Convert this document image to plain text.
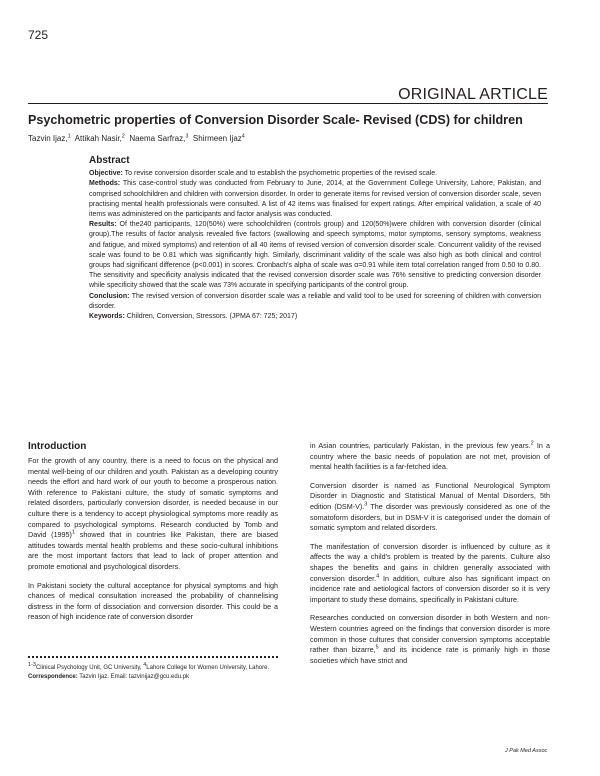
725
ORIGINAL ARTICLE
Psychometric properties of Conversion Disorder Scale- Revised (CDS) for children
Tazvin Ijaz,$^1$ Attikah Nasir,$^2$ Naema Sarfraz,$^3$ Shirmeen Ijaz$^4$
Abstract

Objective: To revise conversion disorder scale and to establish the psychometric properties of the revised scale.

Methods: This case-control study was conducted from February to June, 2014, at the Government College University, Lahore, Pakistan, and comprised schoolchildren and children with conversion disorder. In order to generate items for revised version of conversion disorder scale, seven practising mental health professionals were consulted. A list of 42 items was finalised for expert ratings. After empirical validation, a scale of 40 items was administered on the participants and factor analysis was conducted.

Results: Of the240 participants, 120(50%) were schoolchildren (controls group) and 120(50%)were children with conversion disorder (clinical group).The results of factor analysis revealed five factors (swallowing and speech symptoms, motor symptoms, sensory symptoms, weakness and fatigue, and mixed symptoms) and retention of all 40 items of revised version of conversion disorder scale. Concurrent validity of the revised scale was found to be 0.81 which was significantly high. Similarly, discriminant validity of the scale was also high as both clinical and control groups had significant difference (p<0.001) in scores. Cronbach's alpha of scale was α=0.91 while item total correlation ranged from 0.50 to 0.80. The sensitivity and specificity analysis indicated that the revised conversion disorder scale was 76% sensitive to predicting conversion disorder while specificity showed that the scale was 73% accurate in specifying participants of the control group.

Conclusion: The revised version of conversion disorder scale was a reliable and valid tool to be used for screening of children with conversion disorder.

Keywords: Children, Conversion, Stressors. (JPMA 67: 725; 2017)

Introduction

For the growth of any country, there is a need to focus on the physical and mental well-being of our children and youth. Pakistan as a developing country needs the effort and hard work of our youth to become a prosperous nation. With reference to Pakistani culture, the study of somatic symptoms and related disorders, particularly conversion disorder, is needed because in our culture there is a tendency to accept physiological symptoms more readily as compared to psychological symptoms. Research conducted by Tomb and David $(1995)^1$ showed that in countries like Pakistan, there are biased attitudes towards mental health problems and these socio-cultural inhibitions are the most important factors that lead to lack of proper attention and promote emotional and psychological disorders.

In Pakistani society the cultural acceptance for physical symptoms and high chances of medical consultation increased the probability of channelising distress in the form of dissociation and conversion disorder. This could be a reason of high incidence rate of conversion disorder

in Asian countries, particularly Pakistan, in the previous few years.$^2$ In a country where the basic needs of population are not met, provision of mental health facilities is a far-fetched idea.

Conversion disorder is named as Functional Neurological Symptom Disorder in Diagnostic and Statistical Manual of Mental Disorders, 5th edition (DSM-V).$^3$ The disorder was previously considered as one of the somatoform disorders, but in DSM-V it is categorised under the domain of somatic symptom and related disorders.

The manifestation of conversion disorder is influenced by culture as it affects the way a child's problem is treated by the parents. Culture also shapes the benefits and gains in children generally associated with conversion disorder.$^4$ In addition, culture also has significant impact on incidence rate and aetiological factors of conversion disorder so it is very important to study these domains, specifically in Pakistani culture.

Researches conducted on conversion disorder in both Western and non-Western countries agreed on the findings that conversion disorder is more common in those cultures that consider conversion symptoms acceptable rather than bizarre,$^5$ and its incidence rate is primarily high in those societies which have strict and

$^{1-3}$Clinical Psychology Unit, GC University, $^4$Lahore College for Women University, Lahore.
Correspondence: Tazvin Ijaz. Email: tazvinijaz@gcu.edu.pk
J Pak Med Assoc
